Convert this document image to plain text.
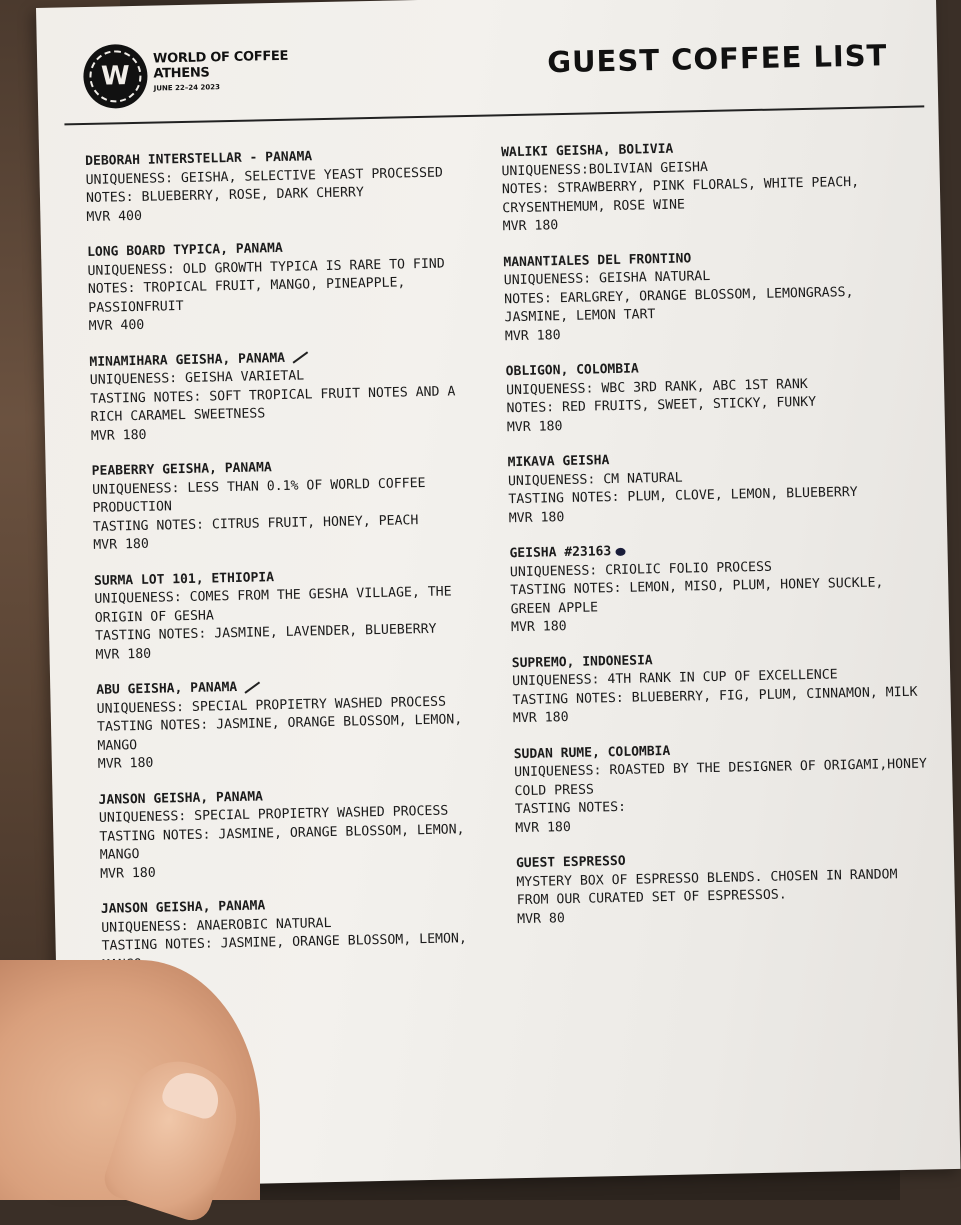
W
WORLD OF COFFEE
ATHENS
JUNE 22–24 2023
GUEST COFFEE LIST
DEBORAH INTERSTELLAR - PANAMA
UNIQUENESS: GEISHA, SELECTIVE YEAST PROCESSED
NOTES: BLUEBERRY, ROSE, DARK CHERRY
MVR 400
LONG BOARD TYPICA, PANAMA
UNIQUENESS: OLD GROWTH TYPICA IS RARE TO FIND
NOTES: TROPICAL FRUIT, MANGO, PINEAPPLE, PASSIONFRUIT
MVR 400
MINAMIHARA GEISHA, PANAMA
UNIQUENESS: GEISHA VARIETAL
TASTING NOTES: SOFT TROPICAL FRUIT NOTES AND A RICH CARAMEL SWEETNESS
MVR 180
PEABERRY GEISHA, PANAMA
UNIQUENESS: LESS THAN 0.1% OF WORLD COFFEE PRODUCTION
TASTING NOTES: CITRUS FRUIT, HONEY, PEACH
MVR 180
SURMA LOT 101, ETHIOPIA
UNIQUENESS: COMES FROM THE GESHA VILLAGE, THE ORIGIN OF GESHA
TASTING NOTES: JASMINE, LAVENDER, BLUEBERRY
MVR 180
ABU GEISHA, PANAMA
UNIQUENESS: SPECIAL PROPIETRY WASHED PROCESS
TASTING NOTES: JASMINE, ORANGE BLOSSOM, LEMON, MANGO
MVR 180
JANSON GEISHA, PANAMA
UNIQUENESS: SPECIAL PROPIETRY WASHED PROCESS
TASTING NOTES: JASMINE, ORANGE BLOSSOM, LEMON, MANGO
MVR 180
JANSON GEISHA, PANAMA
UNIQUENESS: ANAEROBIC NATURAL
TASTING NOTES: JASMINE, ORANGE BLOSSOM, LEMON,
WALIKI GEISHA, BOLIVIA
UNIQUENESS:BOLIVIAN GEISHA
NOTES: STRAWBERRY, PINK FLORALS, WHITE PEACH, CRYSENTHEMUM, ROSE WINE
MVR 180
MANANTIALES DEL FRONTINO
UNIQUENESS: GEISHA NATURAL
NOTES: EARLGREY, ORANGE BLOSSOM, LEMONGRASS, JASMINE, LEMON TART
MVR 180
OBLIGON, COLOMBIA
UNIQUENESS: WBC 3RD RANK, ABC 1ST RANK
NOTES: RED FRUITS, SWEET, STICKY, FUNKY
MVR 180
MIKAVA GEISHA
UNIQUENESS: CM NATURAL
TASTING NOTES: PLUM, CLOVE, LEMON, BLUEBERRY
MVR 180
GEISHA #23163
UNIQUENESS: CRIOLIC FOLIO PROCESS
TASTING NOTES: LEMON, MISO, PLUM, HONEY SUCKLE, GREEN APPLE
MVR 180
SUPREMO, INDONESIA
UNIQUENESS: 4TH RANK IN CUP OF EXCELLENCE
TASTING NOTES: BLUEBERRY, FIG, PLUM, CINNAMON, MILK
MVR 180
SUDAN RUME, COLOMBIA
UNIQUENESS: ROASTED BY THE DESIGNER OF ORIGAMI,HONEY COLD PRESS
TASTING NOTES:
MVR 180
GUEST ESPRESSO
MYSTERY BOX OF ESPRESSO BLENDS. CHOSEN IN RANDOM FROM OUR CURATED SET OF ESPRESSOS.
MVR 80
